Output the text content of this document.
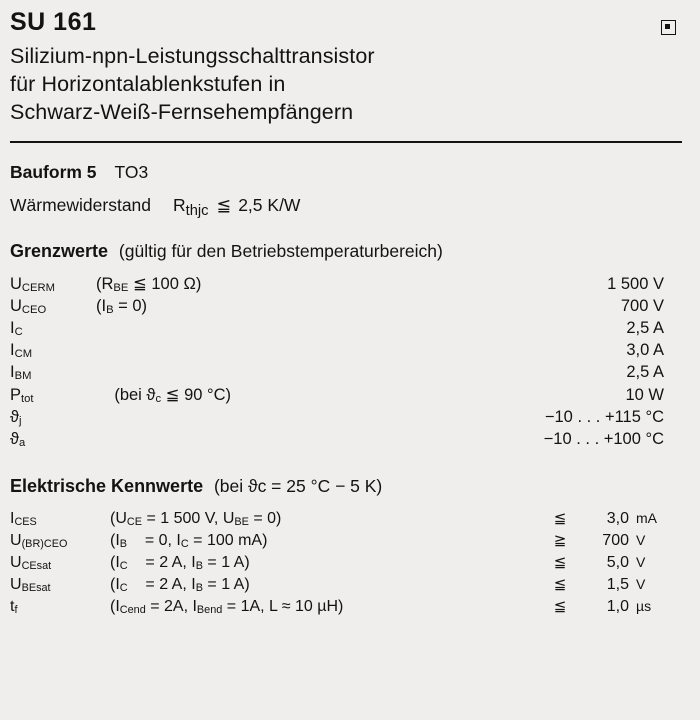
SU 161
Silizium-npn-Leistungsschalttransistor
für Horizontalablenkstufen in
Schwarz-Weiß-Fernsehempfängern
Bauform 5 TO3
Wärmewiderstand $R_{thjc}$ ≦ 2,5 K/W
Grenzwerte (gültig für den Betriebstemperaturbereich)
$U_{CERM}$	($R_{BE}$ ≦ 100 Ω)	1 500 V
$U_{CEO}$	$(I_B = 0)$	700 V
$I_C$		2,5 A
$I_{CM}$		3,0 A
$I_{BM}$		2,5 A
$P_{tot}$	(bei $ϑ_c$ ≦ 90 °C)	10 W
$ϑ_j$		−10 . . . +115 °C
$ϑ_a$		−10 . . . +100 °C
Elektrische Kennwerte (bei ϑc = 25 °C − 5 K)
$I_{CES}$	($U_{CE} = 1$ 500 V, $U_{BE} = 0$)	≦	3,0	mA
$U_{(BR)CEO}$	($I_B$    = 0, $I_C = 100$ mA)	≧	700	V
$U_{CEsat}$	($I_C$    = 2 A, $I_B = 1$ A)	≦	5,0	V
$U_{BEsat}$	($I_C$    = 2 A, $I_B = 1$ A)	≦	1,5	V
$t_f$	($I_{Cend} = 2A$, $I_{Bend} = 1A$, L ≈ 10 µH)	≦	1,0	µs
